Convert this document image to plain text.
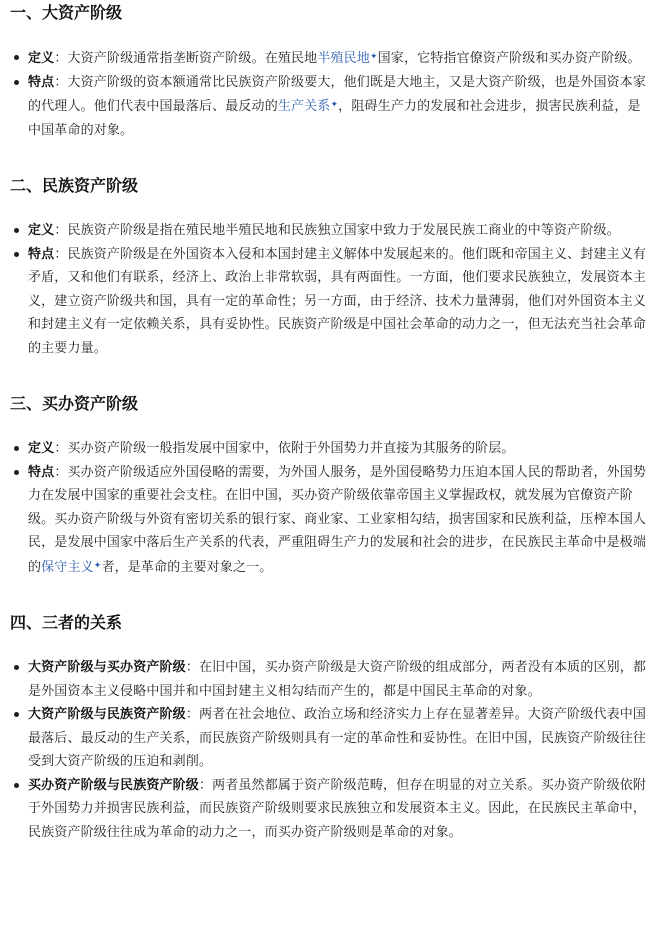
一、大资产阶级
定义：大资产阶级通常指垄断资产阶级。在殖民地半殖民地✦国家，它特指官僚资产阶级和买办资产阶级。
特点：大资产阶级的资本额通常比民族资产阶级要大，他们既是大地主，又是大资产阶级，也是外国资本家的代理人。他们代表中国最落后、最反动的生产关系✦，阻碍生产力的发展和社会进步，损害民族利益，是中国革命的对象。
二、民族资产阶级
定义：民族资产阶级是指在殖民地半殖民地和民族独立国家中致力于发展民族工商业的中等资产阶级。
特点：民族资产阶级是在外国资本入侵和本国封建主义解体中发展起来的。他们既和帝国主义、封建主义有矛盾，又和他们有联系，经济上、政治上非常软弱，具有两面性。一方面，他们要求民族独立，发展资本主义，建立资产阶级共和国，具有一定的革命性；另一方面，由于经济、技术力量薄弱，他们对外国资本主义和封建主义有一定依赖关系，具有妥协性。民族资产阶级是中国社会革命的动力之一，但无法充当社会革命的主要力量。
三、买办资产阶级
定义：买办资产阶级一般指发展中国家中，依附于外国势力并直接为其服务的阶层。
特点：买办资产阶级适应外国侵略的需要，为外国人服务，是外国侵略势力压迫本国人民的帮助者，外国势力在发展中国家的重要社会支柱。在旧中国，买办资产阶级依靠帝国主义掌握政权，就发展为官僚资产阶级。买办资产阶级与外资有密切关系的银行家、商业家、工业家相勾结，损害国家和民族利益，压榨本国人民，是发展中国家中落后生产关系的代表，严重阻碍生产力的发展和社会的进步，在民族民主革命中是极端的保守主义✦者，是革命的主要对象之一。
四、三者的关系
大资产阶级与买办资产阶级：在旧中国，买办资产阶级是大资产阶级的组成部分，两者没有本质的区别，都是外国资本主义侵略中国并和中国封建主义相勾结而产生的，都是中国民主革命的对象。
大资产阶级与民族资产阶级：两者在社会地位、政治立场和经济实力上存在显著差异。大资产阶级代表中国最落后、最反动的生产关系，而民族资产阶级则具有一定的革命性和妥协性。在旧中国，民族资产阶级往往受到大资产阶级的压迫和剥削。
买办资产阶级与民族资产阶级：两者虽然都属于资产阶级范畴，但存在明显的对立关系。买办资产阶级依附于外国势力并损害民族利益，而民族资产阶级则要求民族独立和发展资本主义。因此，在民族民主革命中，民族资产阶级往往成为革命的动力之一，而买办资产阶级则是革命的对象。
